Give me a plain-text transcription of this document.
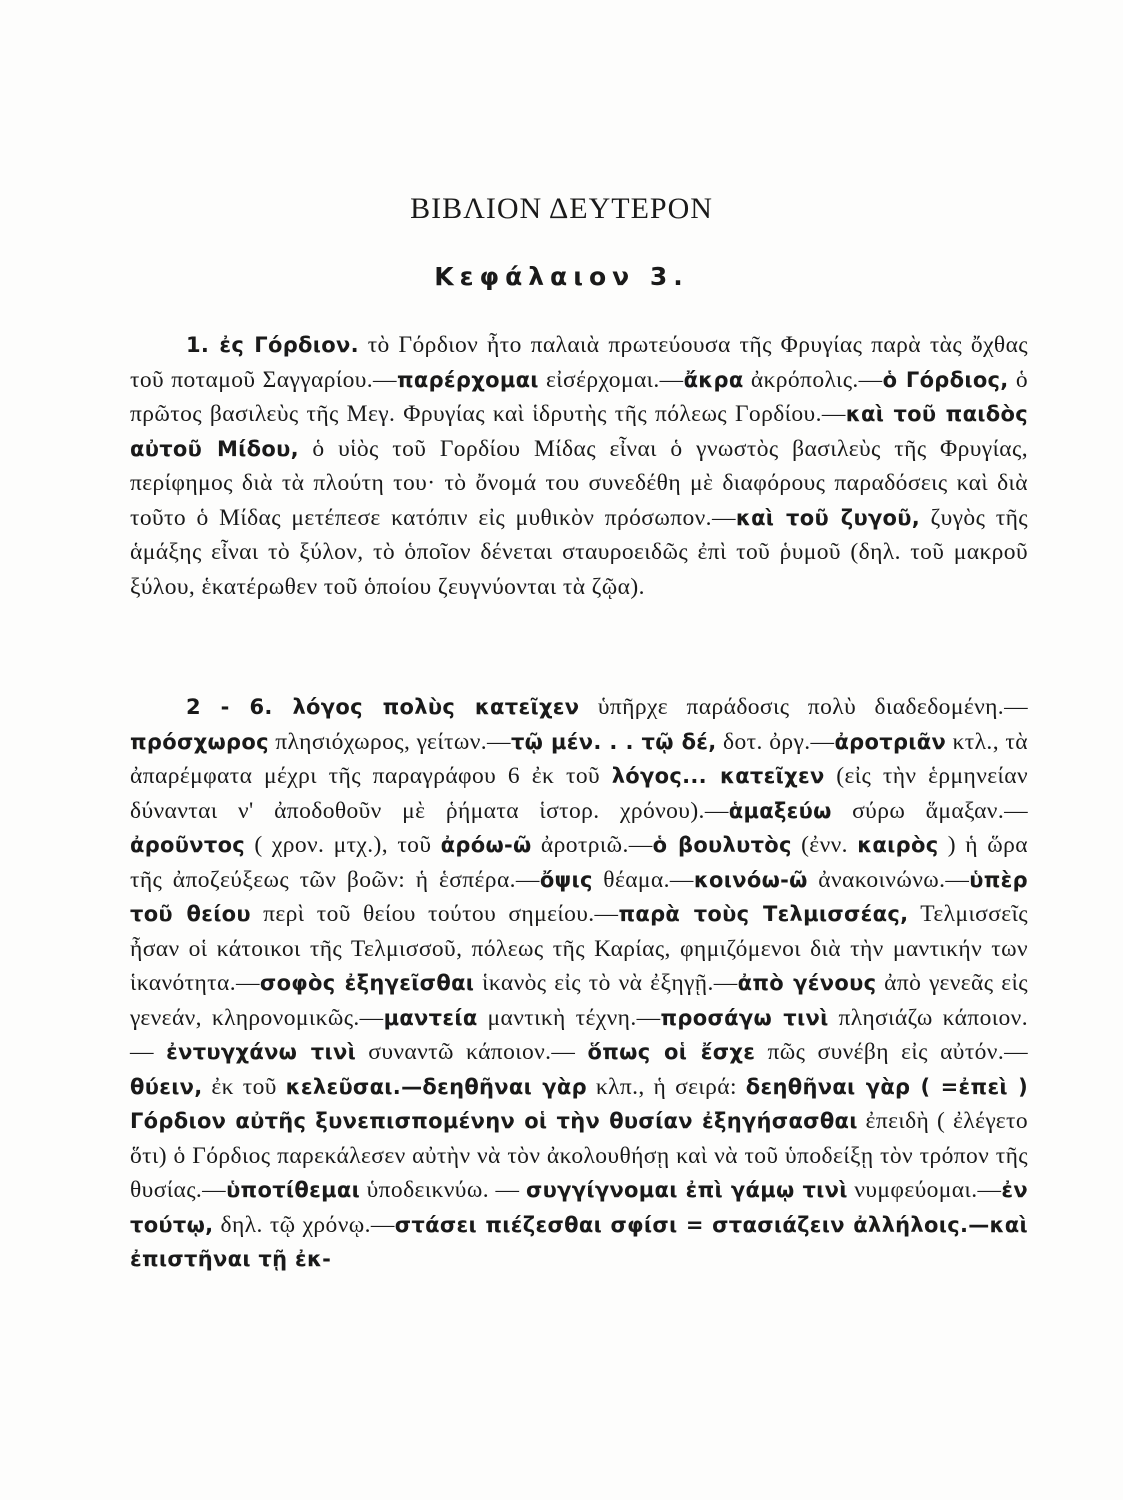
ΒΙΒΛΙΟΝ ΔΕΥΤΕΡΟΝ
Κεφάλαιον 3.
1. ἐς Γόρδιον. τὸ Γόρδιον ἦτο παλαιὰ πρωτεύουσα τῆς Φρυγίας παρὰ τὰς ὄχθας τοῦ ποταμοῦ Σαγγαρίου.—παρέρχομαι εἰσέρχομαι.—ἄκρα ἀκρόπολις.—ὁ Γόρδιος, ὁ πρῶτος βασιλεὺς τῆς Μεγ. Φρυγίας καὶ ἱδρυτὴς τῆς πόλεως Γορδίου.—καὶ τοῦ παιδὸς αὐτοῦ Μίδου, ὁ υἱὸς τοῦ Γορδίου Μίδας εἶναι ὁ γνωστὸς βασιλεὺς τῆς Φρυγίας, περίφημος διὰ τὰ πλούτη του· τὸ ὄνομά του συνεδέθη μὲ διαφόρους παραδόσεις καὶ διὰ τοῦτο ὁ Μίδας μετέπεσε κατόπιν εἰς μυθικὸν πρόσωπον.—καὶ τοῦ ζυγοῦ, ζυγὸς τῆς ἁμάξης εἶναι τὸ ξύλον, τὸ ὁποῖον δένεται σταυροειδῶς ἐπὶ τοῦ ῥυμοῦ (δηλ. τοῦ μακροῦ ξύλου, ἑκατέρωθεν τοῦ ὁποίου ζευγνύονται τὰ ζῷα).
2 - 6. λόγος πολὺς κατεῖχεν ὑπῆρχε παράδοσις πολὺ διαδεδομένη.—πρόσχωρος πλησιόχωρος, γείτων.—τῷ μέν. . . τῷ δέ, δοτ. ὀργ.—ἀροτριᾶν κτλ., τὰ ἀπαρέμφατα μέχρι τῆς παραγράφου 6 ἐκ τοῦ λόγος... κατεῖχεν (εἰς τὴν ἑρμηνείαν δύνανται ν' ἀποδοθοῦν μὲ ῥήματα ἱστορ. χρόνου).—ἁμαξεύω σύρω ἅμαξαν.—ἀροῦντος ( χρον. μτχ.), τοῦ ἀρόω-ῶ ἀροτριῶ.—ὁ βουλυτὸς (ἐνν. καιρὸς ) ἡ ὥρα τῆς ἀποζεύξεως τῶν βοῶν: ἡ ἑσπέρα.—ὄψις θέαμα.—κοινόω-ῶ ἀνακοινώνω.—ὑπὲρ τοῦ θείου περὶ τοῦ θείου τούτου σημείου.—παρὰ τοὺς Τελμισσέας, Τελμισσεῖς ἦσαν οἱ κάτοικοι τῆς Τελμισσοῦ, πόλεως τῆς Καρίας, φημιζόμενοι διὰ τὴν μαντικήν των ἱκανότητα.—σοφὸς ἐξηγεῖσθαι ἱκανὸς εἰς τὸ νὰ ἐξηγῇ.—ἀπὸ γένους ἀπὸ γενεᾶς εἰς γενεάν, κληρονομικῶς.—μαντεία μαντικὴ τέχνη.—προσάγω τινὶ πλησιάζω κάποιον.— ἐντυγχάνω τινὶ συναντῶ κάποιον.— ὅπως οἱ ἔσχε πῶς συνέβη εἰς αὐτόν.—θύειν, ἐκ τοῦ κελεῦσαι.—δεηθῆναι γὰρ κλπ., ἡ σειρά: δεηθῆναι γὰρ ( =ἐπεὶ ) Γόρδιον αὐτῆς ξυνεπισπομένην οἱ τὴν θυσίαν ἐξηγήσασθαι ἐπειδὴ ( ἐλέγετο ὅτι) ὁ Γόρδιος παρεκάλεσεν αὐτὴν νὰ τὸν ἀκολουθήσῃ καὶ νὰ τοῦ ὑποδείξῃ τὸν τρόπον τῆς θυσίας.—ὑποτίθεμαι ὑποδεικνύω. — συγγίγνομαι ἐπὶ γάμῳ τινὶ νυμφεύομαι.—ἐν τούτῳ, δηλ. τῷ χρόνῳ.—στάσει πιέζεσθαι σφίσι = στασιάζειν ἀλλήλοις.—καὶ ἐπιστῆναι τῇ ἐκ-
